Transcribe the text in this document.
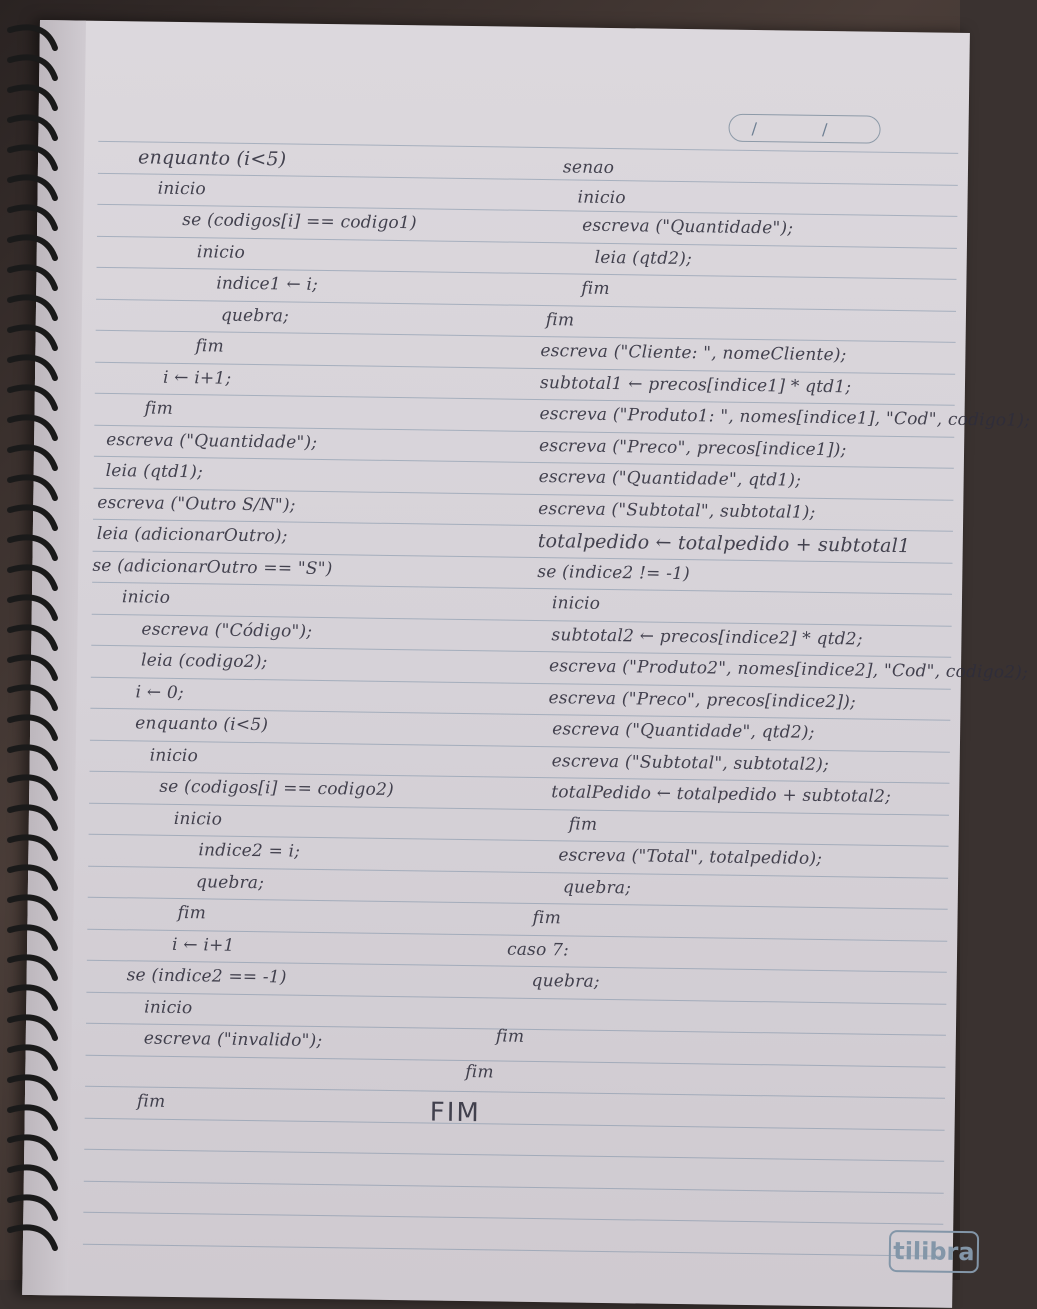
/ /
tilibra
enquanto (i<5)
inicio
se (codigos[i] == codigo1)
inicio
indice1 ← i;
quebra;
fim
i ← i+1;
fim
escreva ("Quantidade");
leia (qtd1);
escreva ("Outro S/N");
leia (adicionarOutro);
se (adicionarOutro == "S")
inicio
escreva ("Código");
leia (codigo2);
i ← 0;
enquanto (i<5)
inicio
se (codigos[i] == codigo2)
inicio
indice2 = i;
quebra;
fim
i ← i+1
se (indice2 == -1)
inicio
escreva ("invalido");
fim
senao
inicio
escreva ("Quantidade");
leia (qtd2);
fim
fim
escreva ("Cliente: ", nomeCliente);
subtotal1 ← precos[indice1] * qtd1;
escreva ("Produto1: ", nomes[indice1], "Cod", codigo1);
escreva ("Preco", precos[indice1]);
escreva ("Quantidade", qtd1);
escreva ("Subtotal", subtotal1);
totalpedido ← totalpedido + subtotal1
se (indice2 != -1)
inicio
subtotal2 ← precos[indice2] * qtd2;
escreva ("Produto2", nomes[indice2], "Cod", codigo2);
escreva ("Preco", precos[indice2]);
escreva ("Quantidade", qtd2);
escreva ("Subtotal", subtotal2);
totalPedido ← totalpedido + subtotal2;
fim
escreva ("Total", totalpedido);
quebra;
fim
caso 7:
quebra;
fim
fim
FIM
